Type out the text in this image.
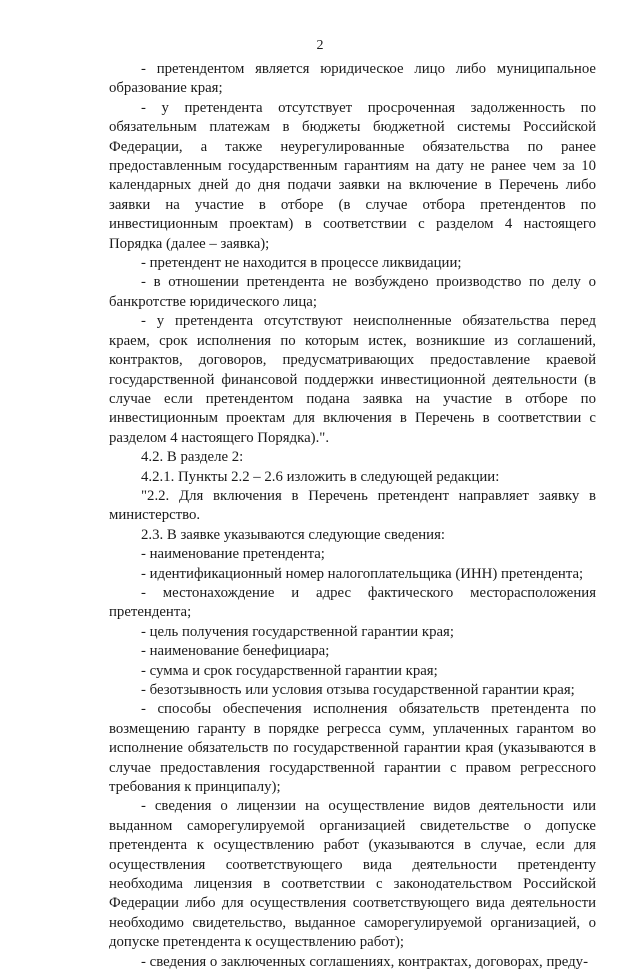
2

- претендентом является юридическое лицо либо муниципальное образование края;

- у претендента отсутствует просроченная задолженность по обязательным платежам в бюджеты бюджетной системы Российской Федерации, а также неурегулированные обязательства по ранее предоставленным государственным гарантиям на дату не ранее чем за 10 календарных дней до дня подачи заявки на включение в Перечень либо заявки на участие в отборе (в случае отбора претендентов по инвестиционным проектам) в соответствии с разделом 4 настоящего Порядка (далее – заявка);

- претендент не находится в процессе ликвидации;

- в отношении претендента не возбуждено производство по делу о банкротстве юридического лица;

- у претендента отсутствуют неисполненные обязательства перед краем, срок исполнения по которым истек, возникшие из соглашений, контрактов, договоров, предусматривающих предоставление краевой государственной финансовой поддержки инвестиционной деятельности (в случае если претендентом подана заявка на участие в отборе по инвестиционным проектам для включения в Перечень в соответствии с разделом 4 настоящего Порядка).".

4.2. В разделе 2:

4.2.1. Пункты 2.2 – 2.6 изложить в следующей редакции:

"2.2. Для включения в Перечень претендент направляет заявку в министерство.

2.3. В заявке указываются следующие сведения:

- наименование претендента;

- идентификационный номер налогоплательщика (ИНН) претендента;

- местонахождение и адрес фактического месторасположения претендента;

- цель получения государственной гарантии края;

- наименование бенефициара;

- сумма и срок государственной гарантии края;

- безотзывность или условия отзыва государственной гарантии края;

- способы обеспечения исполнения обязательств претендента по возмещению гаранту в порядке регресса сумм, уплаченных гарантом во исполнение обязательств по государственной гарантии края (указываются в случае предоставления государственной гарантии с правом регрессного требования к принципалу);

- сведения о лицензии на осуществление видов деятельности или выданном саморегулируемой организацией свидетельстве о допуске претендента к осуществлению работ (указываются в случае, если для осуществления соответствующего вида деятельности претенденту необходима лицензия в соответствии с законодательством Российской Федерации либо для осуществления соответствующего вида деятельности необходимо свидетельство, выданное саморегулируемой организацией, о допуске претендента к осуществлению работ);

- сведения о заключенных соглашениях, контрактах, договорах, преду-
